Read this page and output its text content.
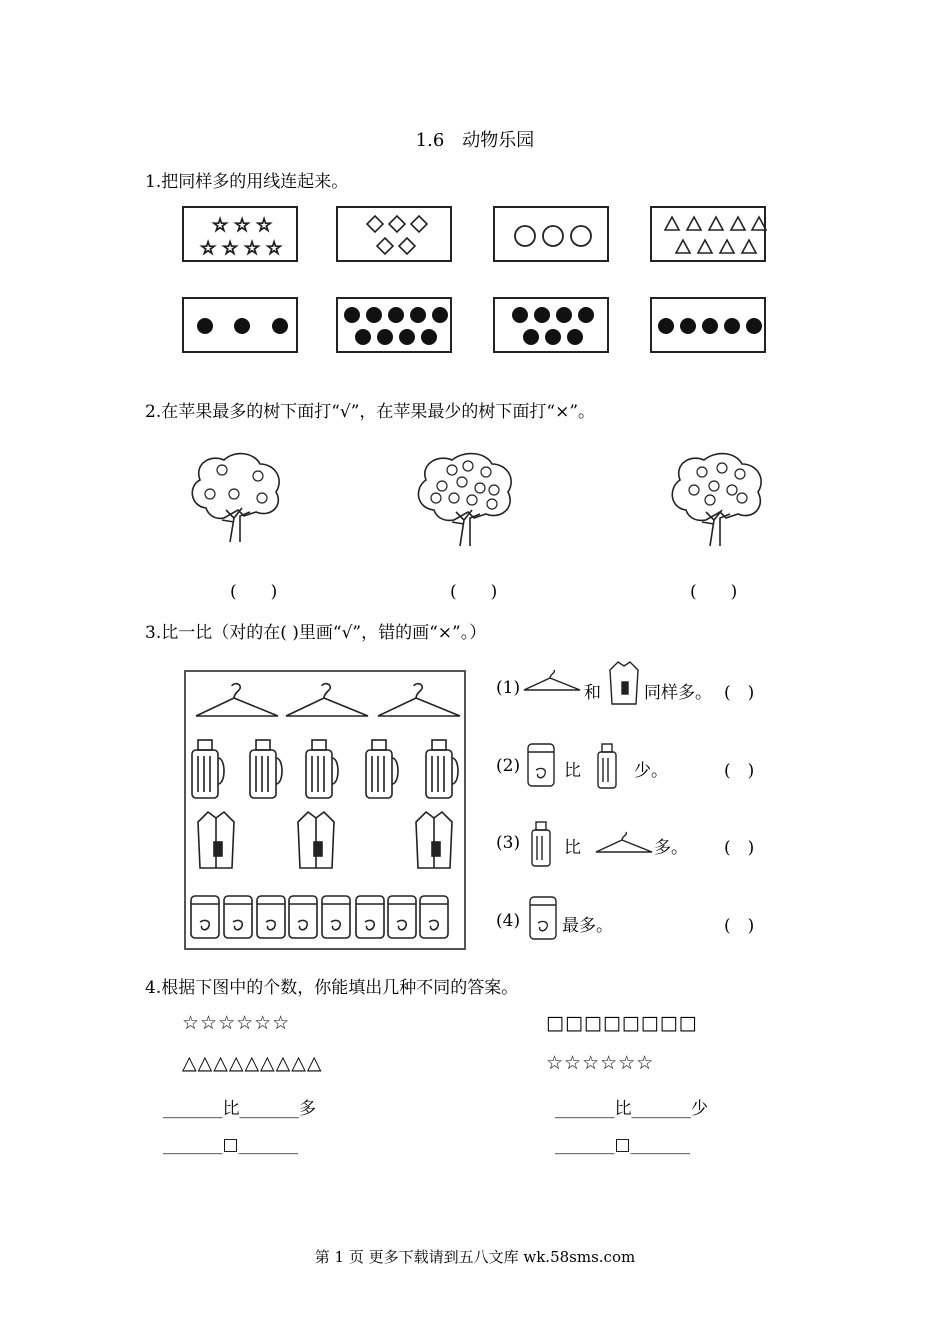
1.6　动物乐园
1.把同样多的用线连起来。
☆ ☆ ☆
☆ ☆ ☆ ☆
2.在苹果最多的树下面打“√”，在苹果最少的树下面打“×”。
(　　)	(　　)	(　　)
3.比一比（对的在( )里画“√”，错的画“×”。）
(1)	和	同样多。 (　)
(2)	比	少。	(　)
(3)	比	多。 (　)
(4) 最多。	(　)
4.根据下图中的个数，你能填出几种不同的答案。
☆☆☆☆☆☆
△△△△△△△△△
□□□□□□□□
☆☆☆☆☆☆
_______比_______多
_______□_______
_______比_______少
_______□_______
第 1 页 更多下载请到五八文库 wk.58sms.com
